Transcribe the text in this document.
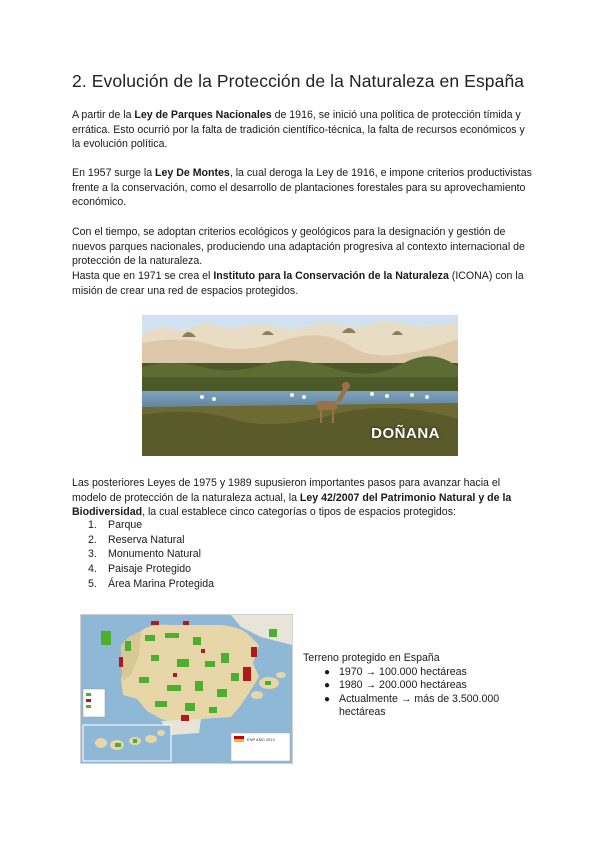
2. Evolución de la Protección de la Naturaleza en España

A partir de la Ley de Parques Nacionales de 1916, se inició una política de protección tímida y errática. Esto ocurrió por la falta de tradición científico-técnica, la falta de recursos económicos y la evolución política.

En 1957 surge la Ley De Montes, la cual deroga la Ley de 1916, e impone criterios productivistas frente a la conservación, como el desarrollo de plantaciones forestales para su aprovechamiento económico.

Con el tiempo, se adoptan criterios ecológicos y geológicos para la designación y gestión de nuevos parques nacionales, produciendo una adaptación progresiva al contexto internacional de protección de la naturaleza.

Hasta que en 1971 se crea el Instituto para la Conservación de la Naturaleza (ICONA) con la misión de crear una red de espacios protegidos.

DOÑANA

Las posteriores Leyes de 1975 y 1989 supusieron importantes pasos para avanzar hacia el modelo de protección de la naturaleza actual, la Ley 42/2007 del Patrimonio Natural y de la Biodiversidad, la cual establece cinco categorías o tipos de espacios protegidos:

1. Parque
2. Reserva Natural
3. Monumento Natural
4. Paisaje Protegido
5. Área Marina Protegida
ENP AÑO 2013
Terreno protegido en España
● 1970 → 100.000 hectáreas
● 1980 → 200.000 hectáreas
● Actualmente → más de 3.500.000 hectáreas
